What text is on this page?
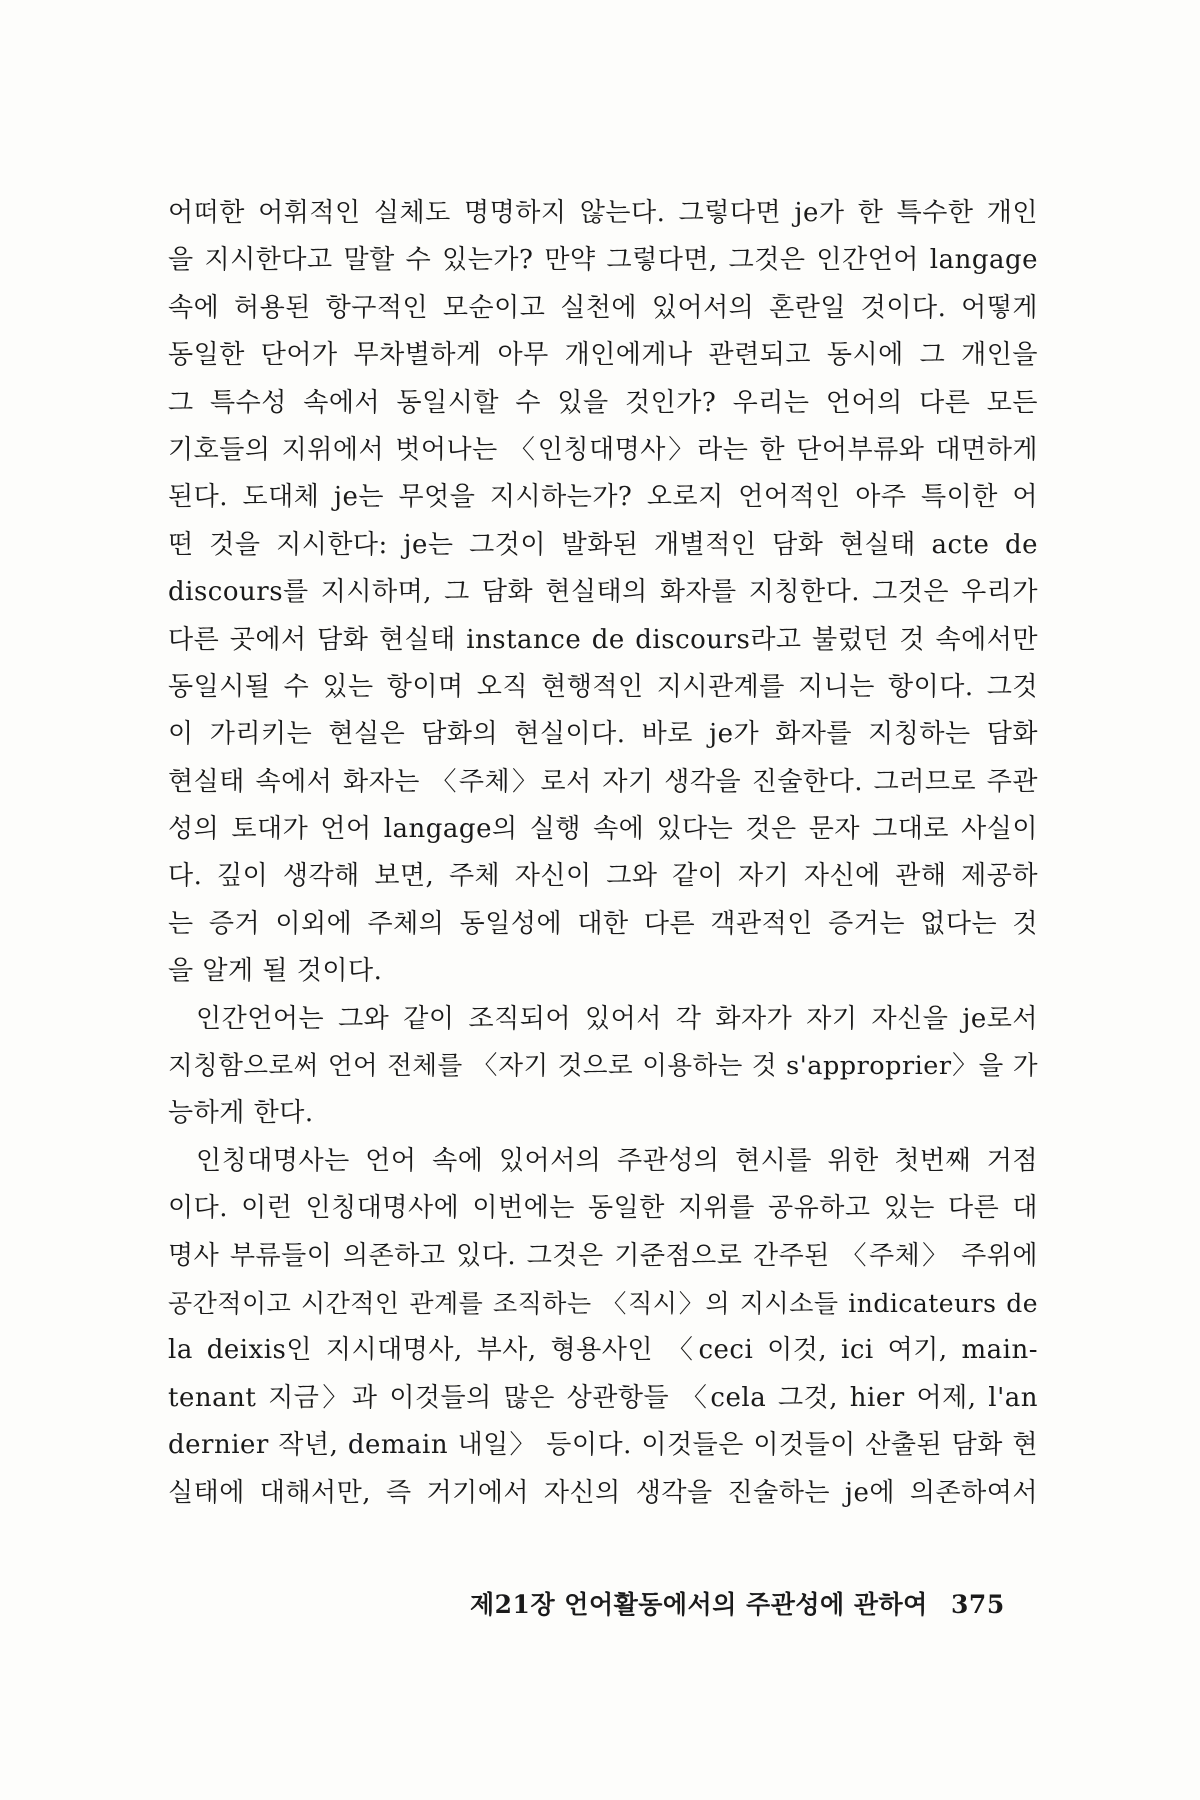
어떠한 어휘적인 실체도 명명하지 않는다. 그렇다면 je가 한 특수한 개인
을 지시한다고 말할 수 있는가? 만약 그렇다면, 그것은 인간언어 langage
속에 허용된 항구적인 모순이고 실천에 있어서의 혼란일 것이다. 어떻게
동일한 단어가 무차별하게 아무 개인에게나 관련되고 동시에 그 개인을
그 특수성 속에서 동일시할 수 있을 것인가? 우리는 언어의 다른 모든
기호들의 지위에서 벗어나는 〈인칭대명사〉라는 한 단어부류와 대면하게
된다. 도대체 je는 무엇을 지시하는가? 오로지 언어적인 아주 특이한 어
떤 것을 지시한다: je는 그것이 발화된 개별적인 담화 현실태 acte de
discours를 지시하며, 그 담화 현실태의 화자를 지칭한다. 그것은 우리가
다른 곳에서 담화 현실태 instance de discours라고 불렀던 것 속에서만
동일시될 수 있는 항이며 오직 현행적인 지시관계를 지니는 항이다. 그것
이 가리키는 현실은 담화의 현실이다. 바로 je가 화자를 지칭하는 담화
현실태 속에서 화자는 〈주체〉로서 자기 생각을 진술한다. 그러므로 주관
성의 토대가 언어 langage의 실행 속에 있다는 것은 문자 그대로 사실이
다. 깊이 생각해 보면, 주체 자신이 그와 같이 자기 자신에 관해 제공하
는 증거 이외에 주체의 동일성에 대한 다른 객관적인 증거는 없다는 것
을 알게 될 것이다.
인간언어는 그와 같이 조직되어 있어서 각 화자가 자기 자신을 je로서
지칭함으로써 언어 전체를 〈자기 것으로 이용하는 것 s'approprier〉을 가
능하게 한다.
인칭대명사는 언어 속에 있어서의 주관성의 현시를 위한 첫번째 거점
이다. 이런 인칭대명사에 이번에는 동일한 지위를 공유하고 있는 다른 대
명사 부류들이 의존하고 있다. 그것은 기준점으로 간주된 〈주체〉 주위에
공간적이고 시간적인 관계를 조직하는 〈직시〉의 지시소들 indicateurs de
la deixis인 지시대명사, 부사, 형용사인 〈ceci 이것, ici 여기, main-
tenant 지금〉과 이것들의 많은 상관항들 〈cela 그것, hier 어제, l'an
dernier 작년, demain 내일〉 등이다. 이것들은 이것들이 산출된 담화 현
실태에 대해서만, 즉 거기에서 자신의 생각을 진술하는 je에 의존하여서
제21장 언어활동에서의 주관성에 관하여 375
